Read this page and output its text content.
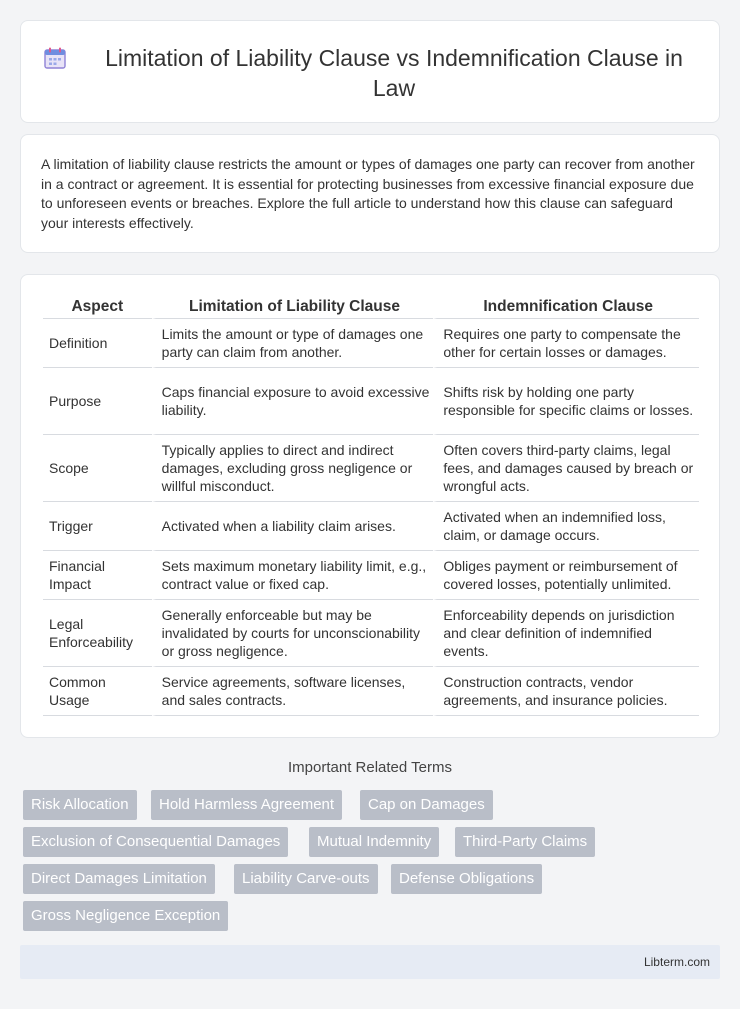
Limitation of Liability Clause vs Indemnification Clause in Law

A limitation of liability clause restricts the amount or types of damages one party can recover from another in a contract or agreement. It is essential for protecting businesses from excessive financial exposure due to unforeseen events or breaches. Explore the full article to understand how this clause can safeguard your interests effectively.

Aspect	Limitation of Liability Clause	Indemnification Clause
Definition	Limits the amount or type of damages one party can claim from another.	Requires one party to compensate the other for certain losses or damages.
Purpose	Caps financial exposure to avoid excessive liability.	Shifts risk by holding one party responsible for specific claims or losses.
Scope	Typically applies to direct and indirect damages, excluding gross negligence or willful misconduct.	Often covers third-party claims, legal fees, and damages caused by breach or wrongful acts.
Trigger	Activated when a liability claim arises.	Activated when an indemnified loss, claim, or damage occurs.
Financial Impact	Sets maximum monetary liability limit, e.g., contract value or fixed cap.	Obliges payment or reimbursement of covered losses, potentially unlimited.
Legal Enforceability	Generally enforceable but may be invalidated by courts for unconscionability or gross negligence.	Enforceability depends on jurisdiction and clear definition of indemnified events.
Common Usage	Service agreements, software licenses, and sales contracts.	Construction contracts, vendor agreements, and insurance policies.
Important Related Terms
Risk Allocation	Hold Harmless Agreement	Cap on Damages
Exclusion of Consequential Damages	Mutual Indemnity	Third-Party Claims
Direct Damages Limitation	Liability Carve-outs	Defense Obligations
Gross Negligence Exception
Libterm.com
